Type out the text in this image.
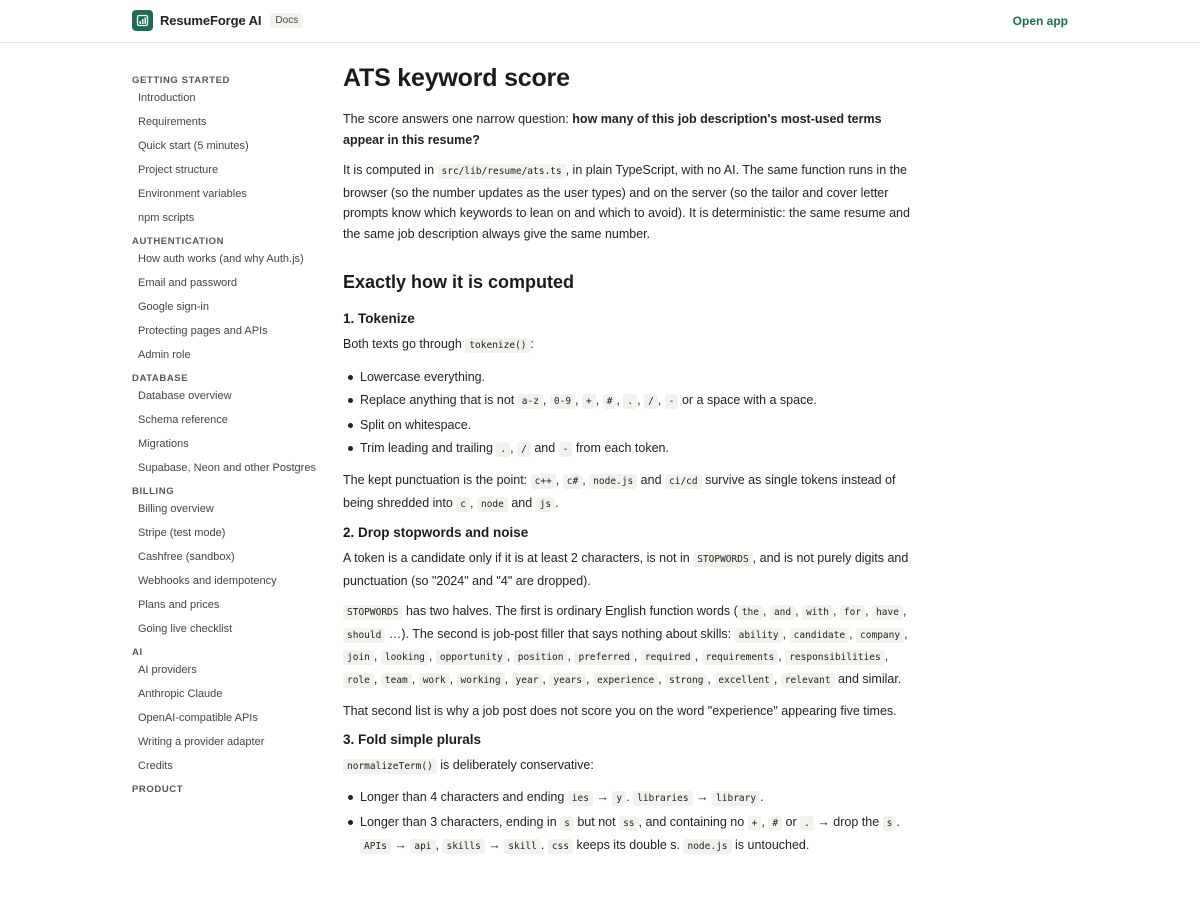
ResumeForge AI	Docs	Open app
GETTING STARTED
Introduction
Requirements
Quick start (5 minutes)
Project structure
Environment variables
npm scripts
AUTHENTICATION
How auth works (and why Auth.js)
Email and password
Google sign-in
Protecting pages and APIs
Admin role
DATABASE
Database overview
Schema reference
Migrations
Supabase, Neon and other Postgres
BILLING
Billing overview
Stripe (test mode)
Cashfree (sandbox)
Webhooks and idempotency
Plans and prices
Going live checklist
AI
AI providers
Anthropic Claude
OpenAI-compatible APIs
Writing a provider adapter
Credits
PRODUCT
ATS keyword score

The score answers one narrow question: how many of this job description's most-used terms appear in this resume?

It is computed in src/lib/resume/ats.ts , in plain TypeScript, with no AI. The same function runs in the browser (so the number updates as the user types) and on the server (so the tailor and cover letter prompts know which keywords to lean on and which to avoid). It is deterministic: the same resume and the same job description always give the same number.

Exactly how it is computed
1. Tokenize

Both texts go through tokenize() :

Lowercase everything.
Replace anything that is not a-z , 0-9 , + , # , . , / , - or a space with a space.
Split on whitespace.
Trim leading and trailing . , / and - from each token.

The kept punctuation is the point: c++ , c# , node.js and ci/cd survive as single tokens instead of being shredded into c , node and js .

2. Drop stopwords and noise

A token is a candidate only if it is at least 2 characters, is not in STOPWORDS , and is not purely digits and punctuation (so "2024" and "4" are dropped).

STOPWORDS has two halves. The first is ordinary English function words ( the , and , with , for , have , should …). The second is job-post filler that says nothing about skills: ability , candidate , company , join , looking , opportunity , position , preferred , required , requirements , responsibilities , role , team , work , working , year , years , experience , strong , excellent , relevant and similar.

That second list is why a job post does not score you on the word "experience" appearing five times.

3. Fold simple plurals

normalizeTerm() is deliberately conservative:

Longer than 4 characters and ending ies → y . libraries → library .
Longer than 3 characters, ending in s but not ss , and containing no + , # or . → drop the s .
APIs → api , skills → skill . css keeps its double s. node.js is untouched.
